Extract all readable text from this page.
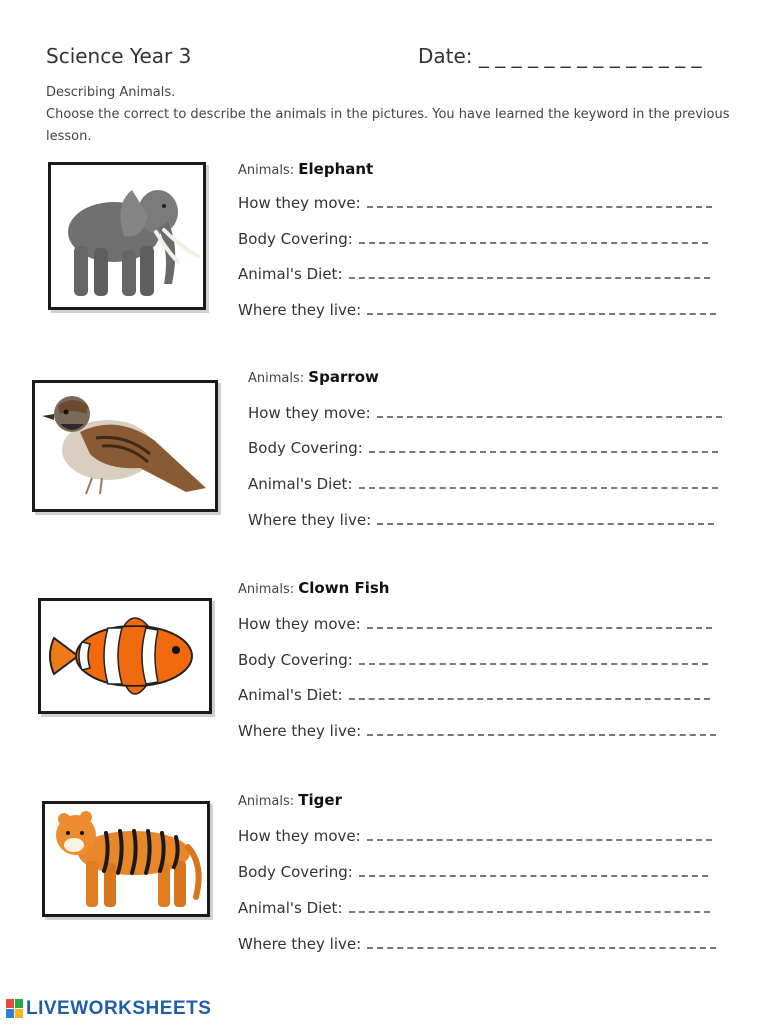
Science Year 3	Date: _ _ _ _ _ _ _ _ _ _ _ _ _ _
Describing Animals.
Choose the correct to describe the animals in the pictures. You have learned the keyword in the previous
lesson.
Animals: Elephant
How they move:
Body Covering:
Animal's Diet:
Where they live:
Animals: Sparrow
How they move:
Body Covering:
Animal's Diet:
Where they live:
Animals: Clown Fish
How they move:
Body Covering:
Animal's Diet:
Where they live:
Animals: Tiger
How they move:
Body Covering:
Animal's Diet:
Where they live:
LIVEWORKSHEETS
